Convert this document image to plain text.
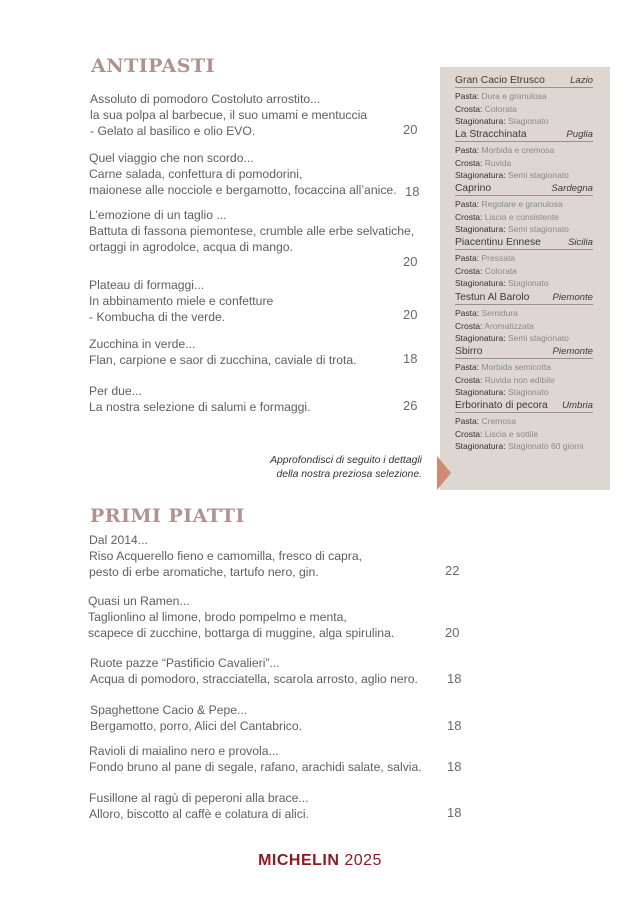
ANTIPASTI
Assoluto di pomodoro Costoluto arrostito...
la sua polpa al barbecue, il suo umami e mentuccia
- Gelato al basilico e olio EVO.	20
Quel viaggio che non scordo...
Carne salada, confettura di pomodorini,
maionese alle nocciole e bergamotto, focaccina all’anice. 18
L’emozione di un taglio ...
Battuta di fassona piemontese, crumble alle erbe selvatiche,
ortaggi in agrodolce, acqua di mango.
20
Plateau di formaggi...
In abbinamento miele e confetture
- Kombucha di the verde.	20
Zucchina in verde...
Flan, carpione e saor di zucchina, caviale di trota.	18
Per due...
La nostra selezione di salumi e formaggi.	26
Gran Cacio Etrusco	Lazio
Pasta: Dura e granulosa
Crosta: Colorata
Stagionatura: Stagionato
La Stracchinata	Puglia
Pasta: Morbida e cremosa
Crosta: Ruvida
Stagionatura: Semi stagionato
Caprino	Sardegna
Pasta: Regolare e granulosa
Crosta: Liscia e consistente
Stagionatura: Semi stagionato
Piacentinu Ennese	Sicilia
Pasta: Pressata
Crosta: Colorata
Stagionatura: Stagionato
Testun Al Barolo Piemonte
Pasta: Semidura
Crosta: Aromatizzata
Stagionatura: Semi stagionato
Sbirro	Piemonte
Pasta: Morbida semicotta
Crosta: Ruvida non edibile
Stagionatura: Stagionato
Erborinato di pecora Umbria
Pasta: Cremosa
Crosta: Liscia e sottile
Stagionatura: Stagionato 60 giorni
Approfondisci di seguito i dettagli
della nostra preziosa selezione.
PRIMI PIATTI
Dal 2014...
Riso Acquerello fieno e camomilla, fresco di capra,
pesto di erbe aromatiche, tartufo nero, gin.	22
Quasi un Ramen...
Taglionlino al limone, brodo pompelmo e menta,
scapece di zucchine, bottarga di muggine, alga spirulina.	20
Ruote pazze “Pastificio Cavalieri”...
Acqua di pomodoro, stracciatella, scarola arrosto, aglio nero. 18
Spaghettone Cacio & Pepe...
Bergamotto, porro, Alici del Cantabrico.	18
Ravioli di maialino nero e provola...
Fondo bruno al pane di segale, rafano, arachidi salate, salvia. 18
Fusillone al ragù di peperoni alla brace...
Alloro, biscotto al caffè e colatura di alici.	18
MICHELIN 2025
